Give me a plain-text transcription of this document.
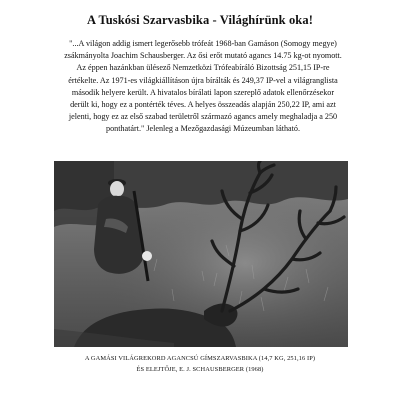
A Tuskósi Szarvasbika - Világhírünk oka!

"...A világon addig ismert legerősebb trófeát 1968-ban Gamáson (Somogy megye)
zsákmányolta Joachim Schausberger. Az ősi erőt mutató agancs 14.75 kg-ot nyomott.
Az éppen hazánkban ülésező Nemzetközi Trófeabíráló Bizottság 251,15 IP-re
értékelte. Az 1971-es világkiállításon újra bírálták és 249,37 IP-vel a világranglista
második helyere került. A hivatalos bírálati lapon szereplő adatok ellenőrzésekor
derült ki, hogy ez a pontérték téves. A helyes összeadás alapján 250,22 IP, ami azt
jelenti, hogy ez az első szabad területről származó agancs amely meghaladja a 250
ponthatárt." Jelenleg a Mezőgazdasági Múzeumban látható.

A GAMÁSI VILÁGREKORD AGANCSÚ GÍMSZARVASBIKA (14,7 KG, 251,16 IP)
ÉS ELEJTŐJE, E. J. SCHAUSBERGER (1968)
